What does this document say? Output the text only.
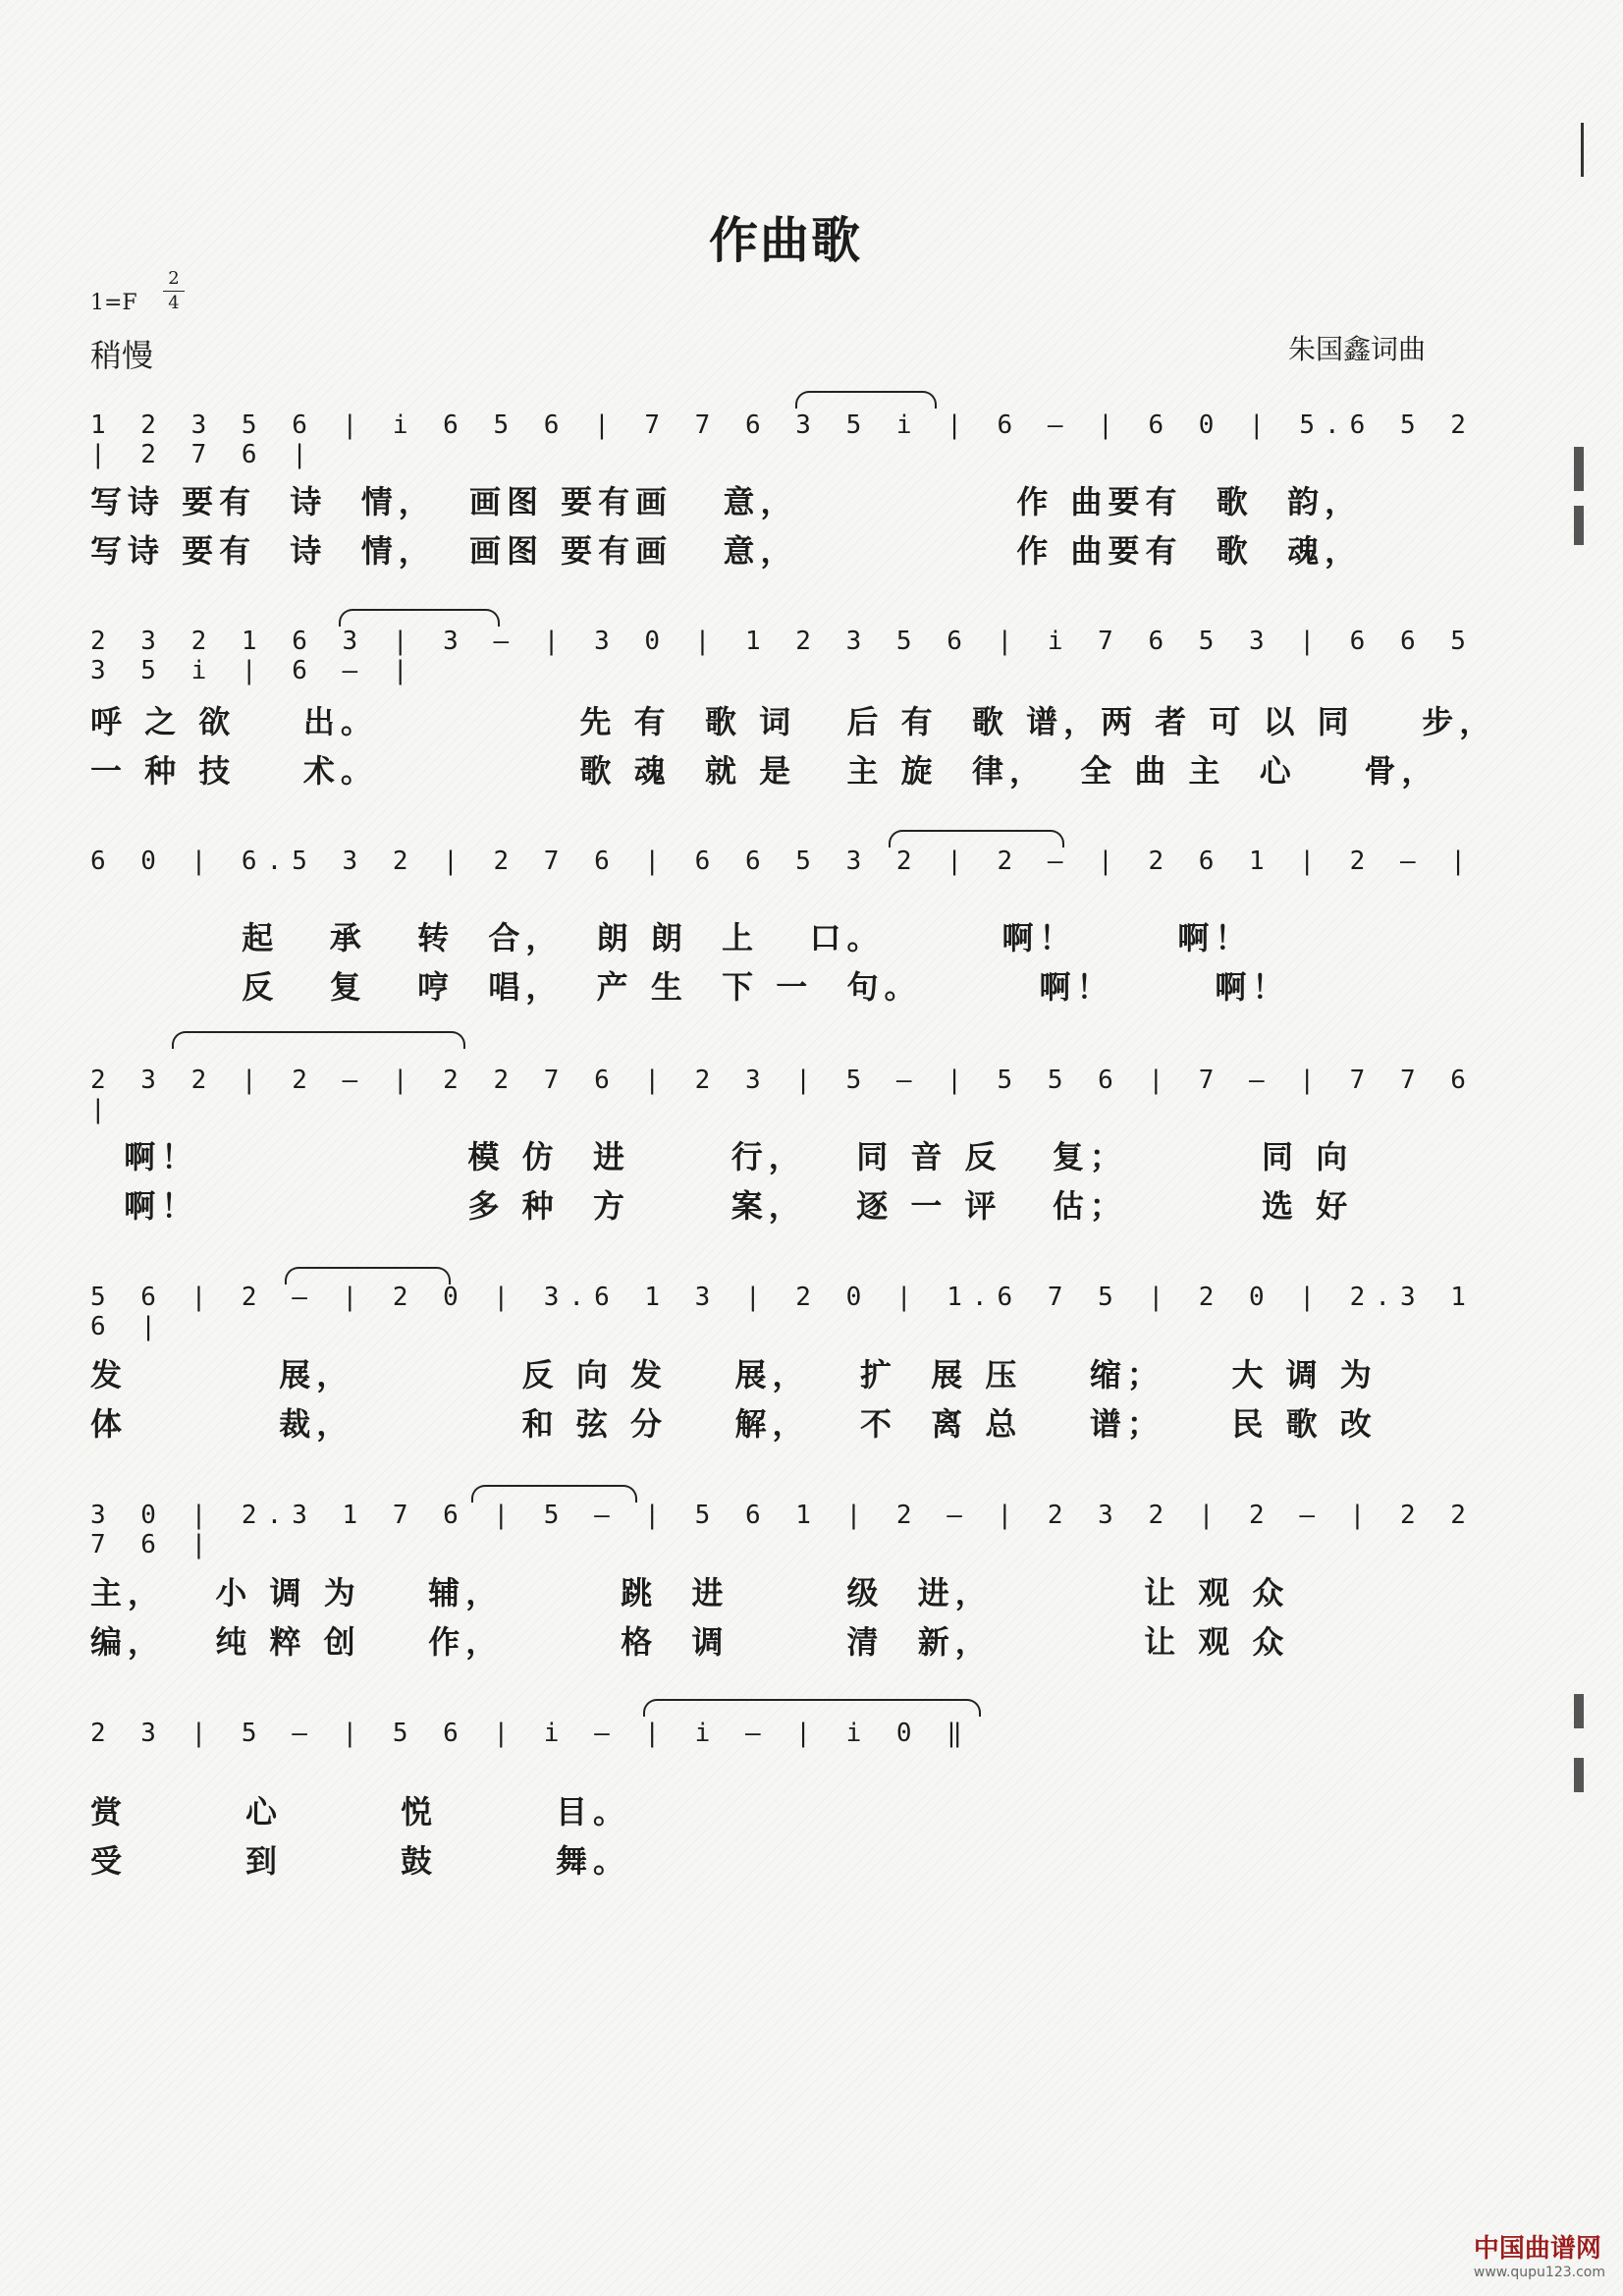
作曲歌
1=F
2
4
稍慢	朱国鑫词曲
1 2 3 5 6 | i 6 5 6 | 7 7 6 3 5 i | 6 – | 6 0 | 5.6 5 2 | 2 7 6 |
写诗 要有  诗  情，  画图 要有画   意，             作 曲要有  歌  韵，
写诗 要有  诗  情，  画图 要有画   意，             作 曲要有  歌  魂，
2 3 2 1 6 3 | 3 – | 3 0 | 1 2 3 5 6 | i 7 6 5 3 | 6 6 5 3 5 i | 6 – |
呼 之 欲    出。            先 有  歌 词   后 有  歌 谱，两 者 可 以 同    步，
一 种 技    术。            歌 魂  就 是   主 旋  律，  全 曲 主  心    骨，
6 0 | 6.5 3 2 | 2 7 6 | 6 6 5 3 2 | 2 – | 2 6 1 | 2 – |
起   承   转  合，  朗 朗  上   口。       啊！      啊！
反   复   哼  唱，  产 生  下 一  句。       啊！      啊！
2 3 2 | 2 – | 2 2 7 6 | 2 3 | 5 – | 5 5 6 | 7 – | 7 7 6 |
啊！                模 仿  进      行，   同 音 反   复；        同 向
啊！                多 种  方      案，   逐 一 评   估；        选 好
5 6 | 2 – | 2 0 | 3.6 1 3 | 2 0 | 1.6 7 5 | 2 0 | 2.3 1 6 |
发         展，          反 向 发    展，   扩  展 压    缩；    大 调 为
体         裁，          和 弦 分    解，   不  离 总    谱；    民 歌 改
3 0 | 2.3 1 7 6 | 5 – | 5 6 1 | 2 – | 2 3 2 | 2 – | 2 2 7 6 |
主，   小 调 为    辅，       跳  进       级  进，         让 观 众
编，   纯 粹 创    作，       格  调       清  新，         让 观 众
2 3 | 5 – | 5 6 | i – | i – | i 0 ‖
赏       心       悦       目。
受       到       鼓       舞。
中国曲谱网
www.qupu123.com
